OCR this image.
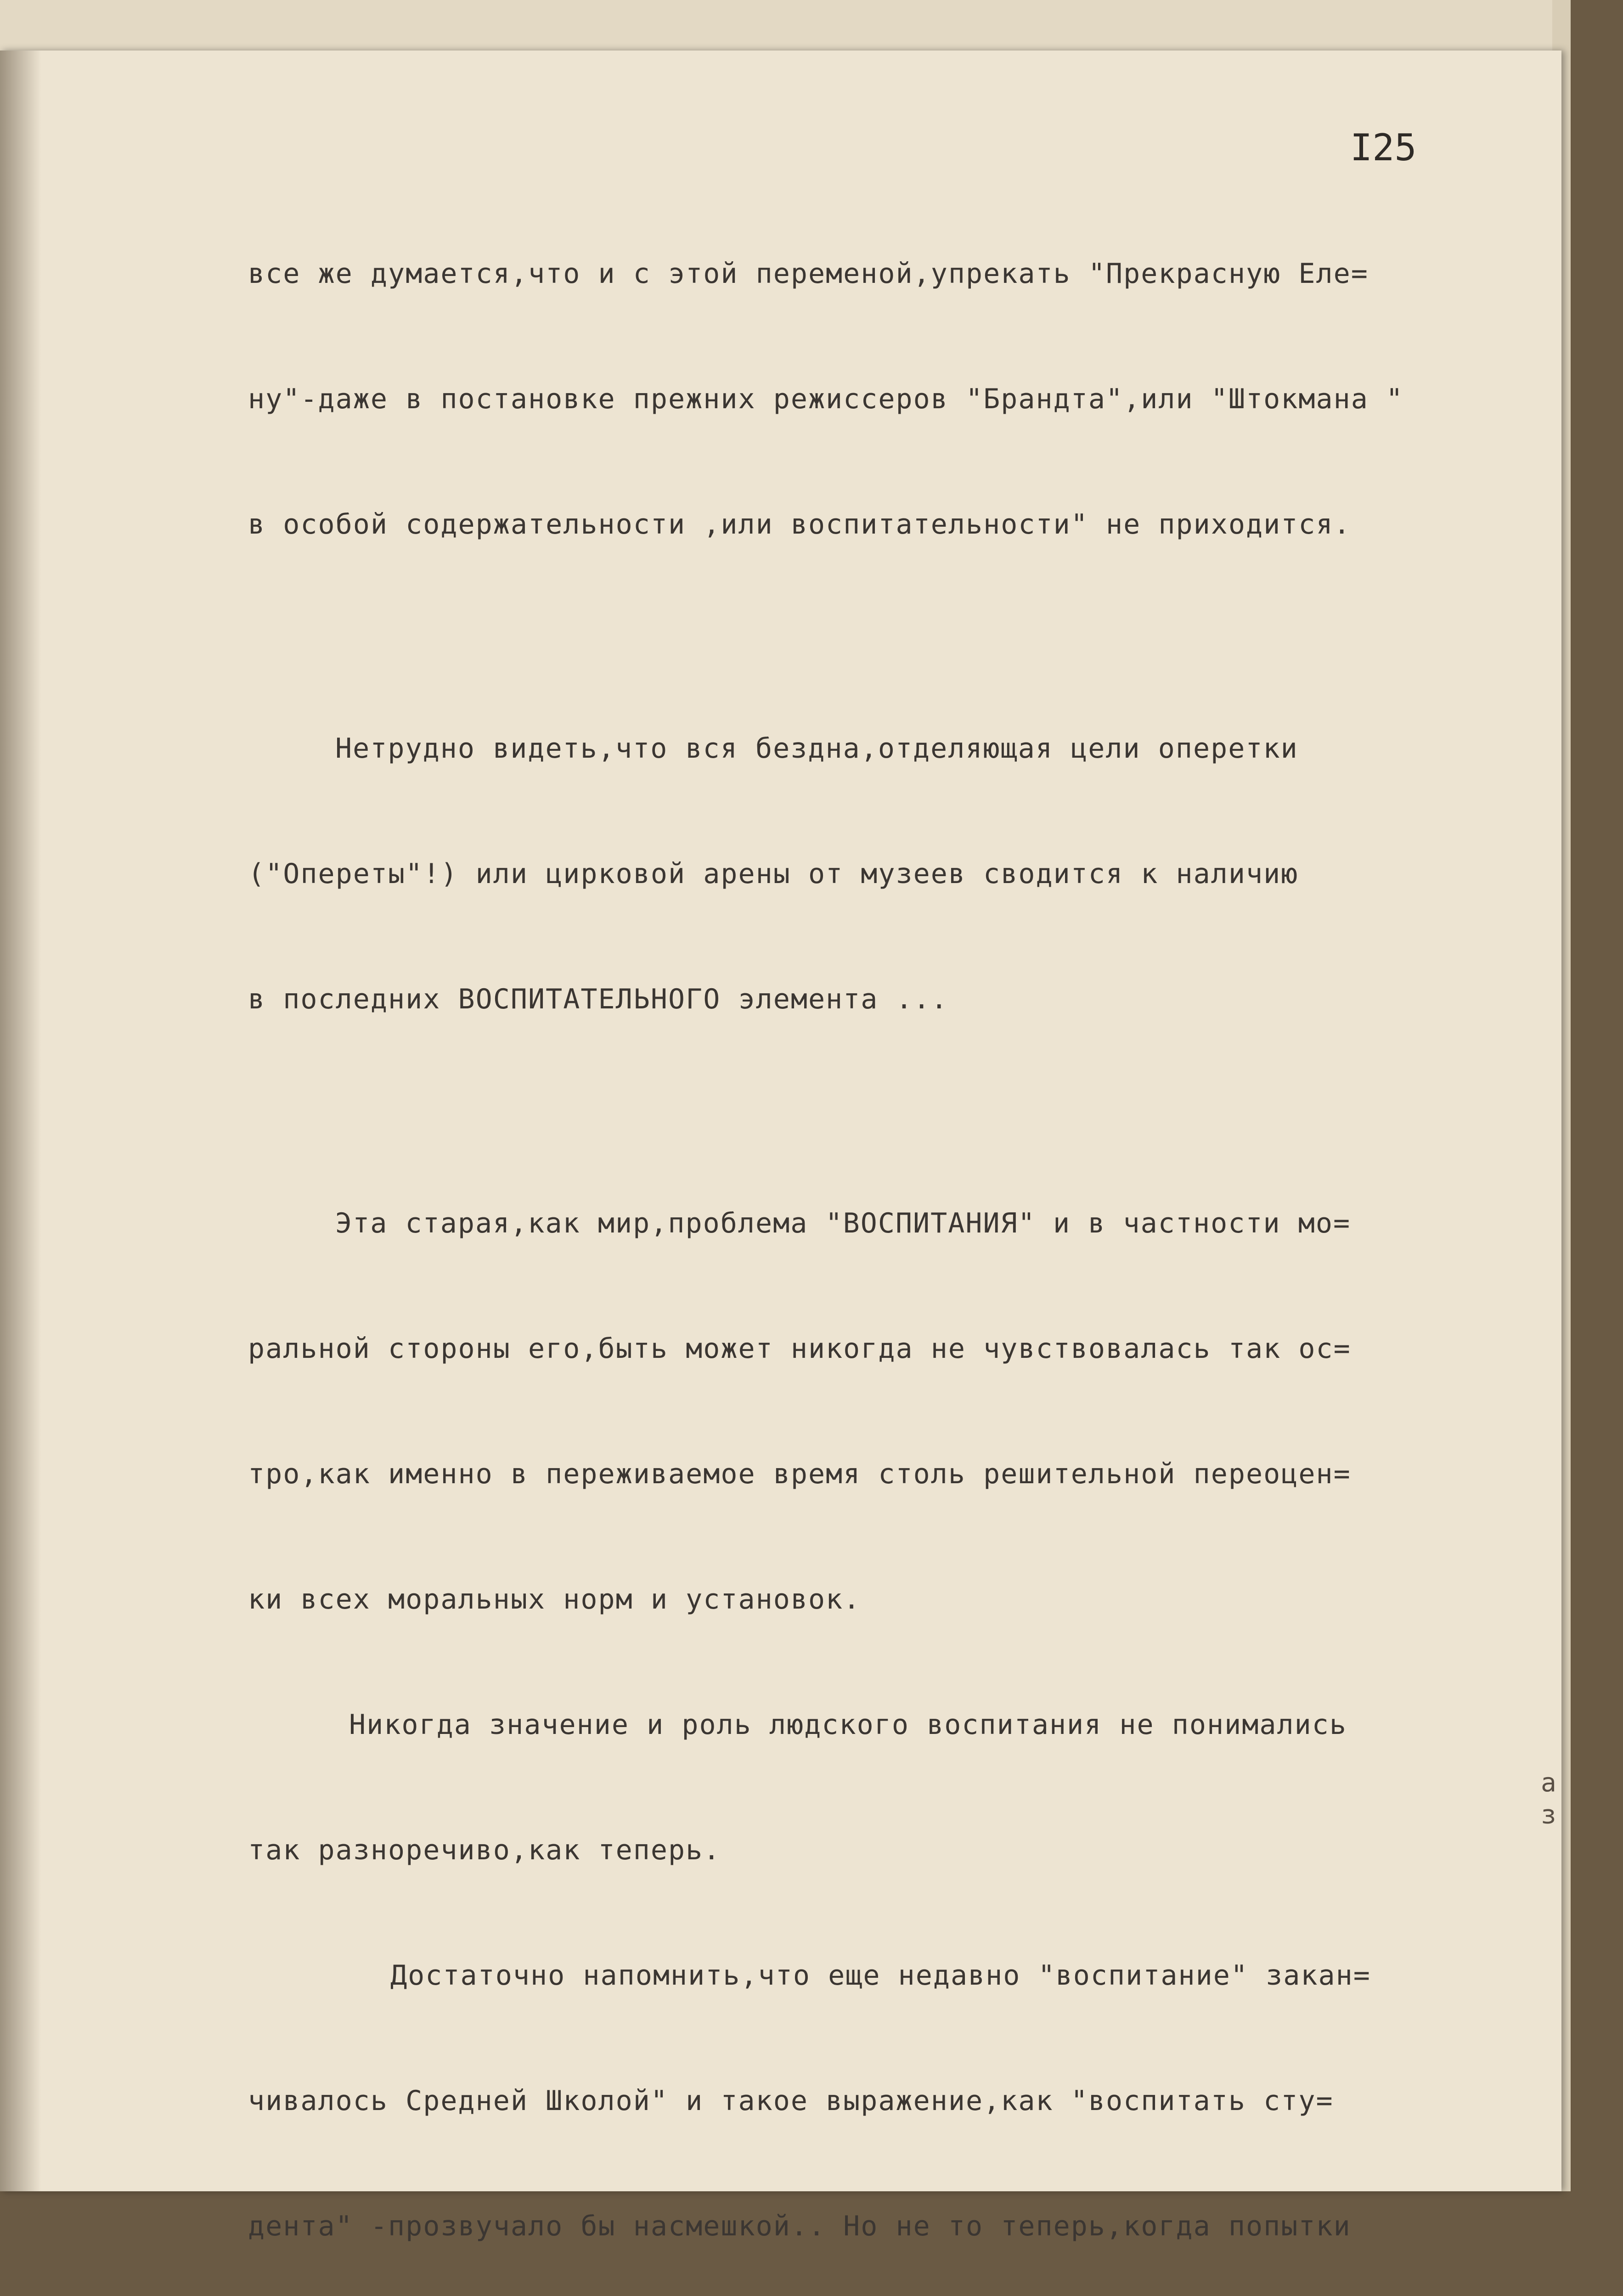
I25

все же думается,что и с этой переменой,упрекать "Прекрасную Еле=

ну"-даже в постановке прежних режиссеров "Брандта",или "Штокмана "

в особой содержательности ,или воспитательности" не приходится.

Нетрудно видеть,что вся бездна,отделяющая цели оперетки

("Опереты"!) или цирковой арены от музеев сводится к наличию

в последних ВОСПИТАТЕЛЬНОГО элемента ...

Эта старая,как мир,проблема "ВОСПИТАНИЯ" и в частности мо=

ральной стороны его,быть может никогда не чувствовалась так ос=

тро,как именно в переживаемое время столь решительной переоцен=

ки всех моральных норм и установок.

Никогда значение и роль людского воспитания не понимались

так разноречиво,как теперь.

Достаточно напомнить,что еще недавно "воспитание" закан=

чивалось Средней Школой" и такое выражение,как "воспитать сту=

дента" -прозвучало бы насмешкой.. Но не то теперь,когда попытки

а
з
